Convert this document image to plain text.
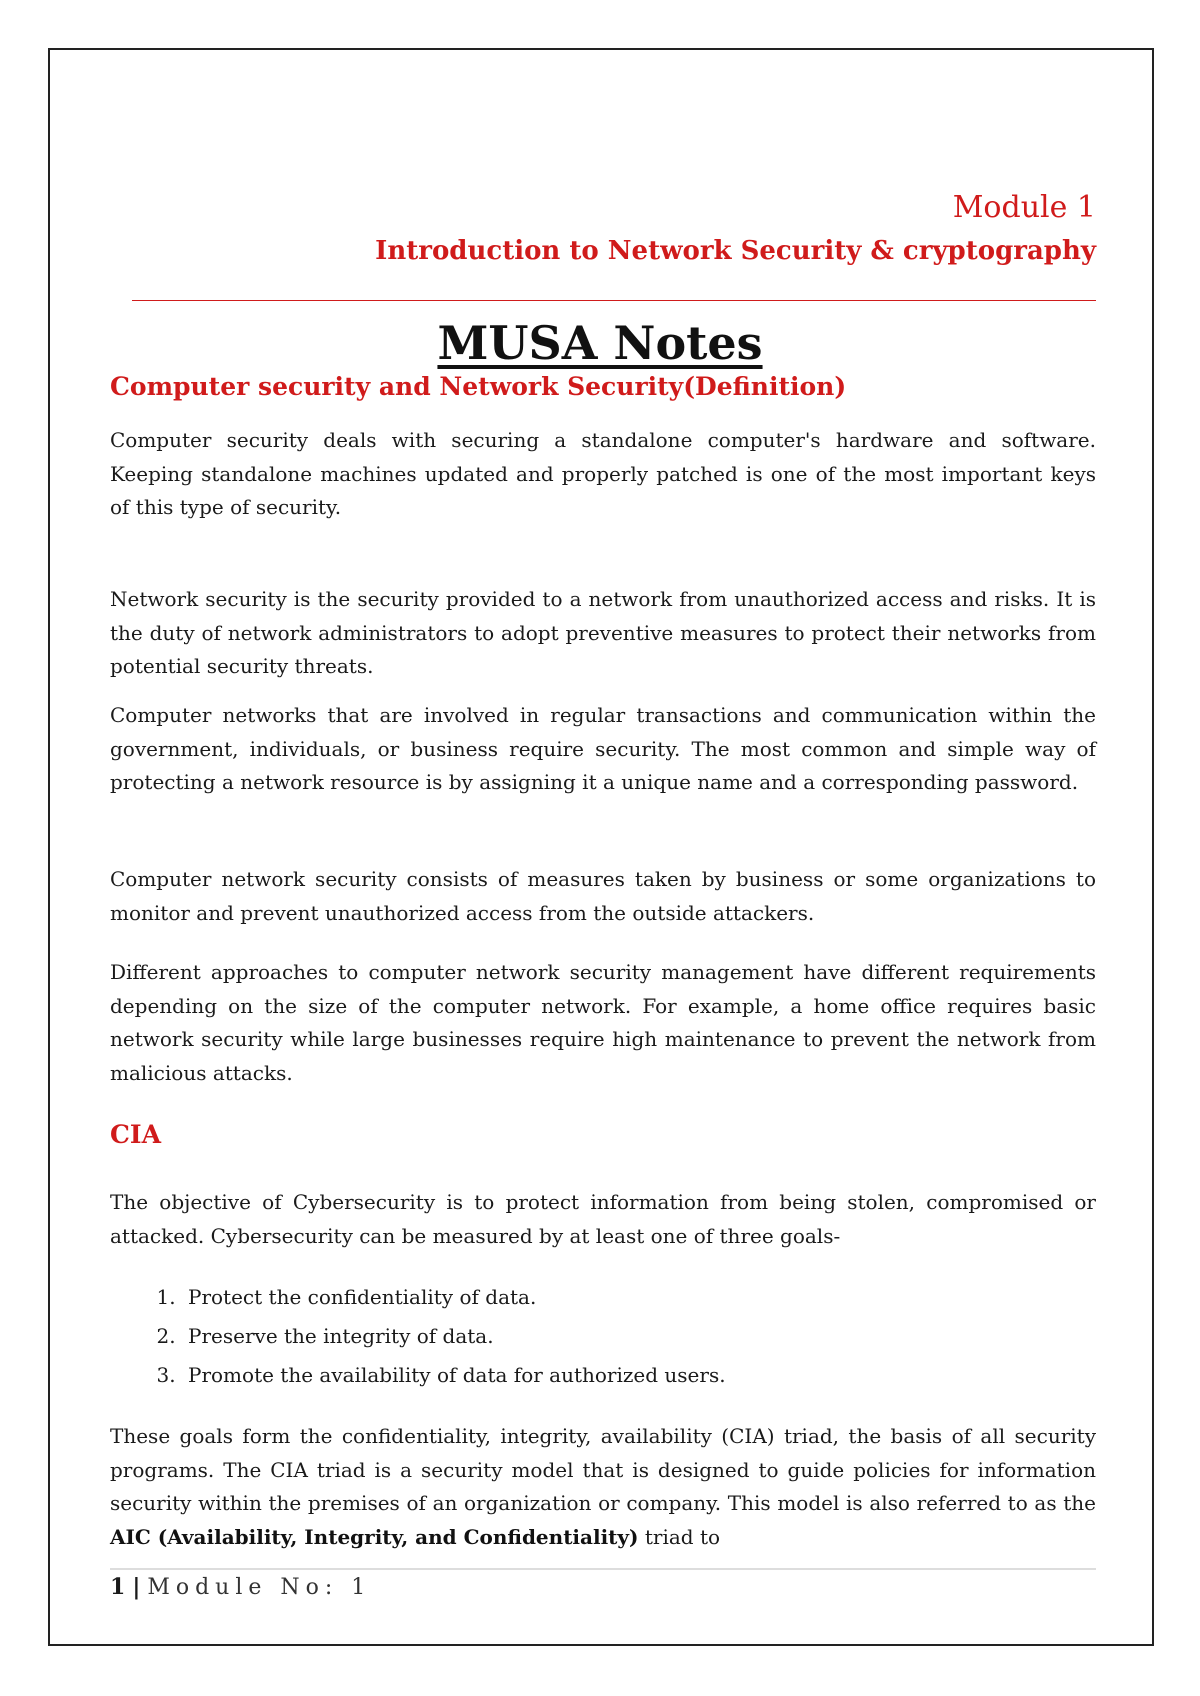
Module 1
Introduction to Network Security & cryptography
MUSA Notes
Computer security and Network Security(Definition)

Computer security deals with securing a standalone computer's hardware and software. Keeping standalone machines updated and properly patched is one of the most important keys of this type of security.

Network security is the security provided to a network from unauthorized access and risks. It is the duty of network administrators to adopt preventive measures to protect their networks from potential security threats.

Computer networks that are involved in regular transactions and communication within the government, individuals, or business require security. The most common and simple way of protecting a network resource is by assigning it a unique name and a corresponding password.

Computer network security consists of measures taken by business or some organizations to monitor and prevent unauthorized access from the outside attackers.

Different approaches to computer network security management have different requirements depending on the size of the computer network. For example, a home office requires basic network security while large businesses require high maintenance to prevent the network from malicious attacks.

CIA

The objective of Cybersecurity is to protect information from being stolen, compromised or attacked. Cybersecurity can be measured by at least one of three goals-

1. Protect the confidentiality of data.
2. Preserve the integrity of data.
3. Promote the availability of data for authorized users.

These goals form the confidentiality, integrity, availability (CIA) triad, the basis of all security programs. The CIA triad is a security model that is designed to guide policies for information security within the premises of an organization or company. This model is also referred to as the AIC (Availability, Integrity, and Confidentiality) triad to

1 | Module No: 1
